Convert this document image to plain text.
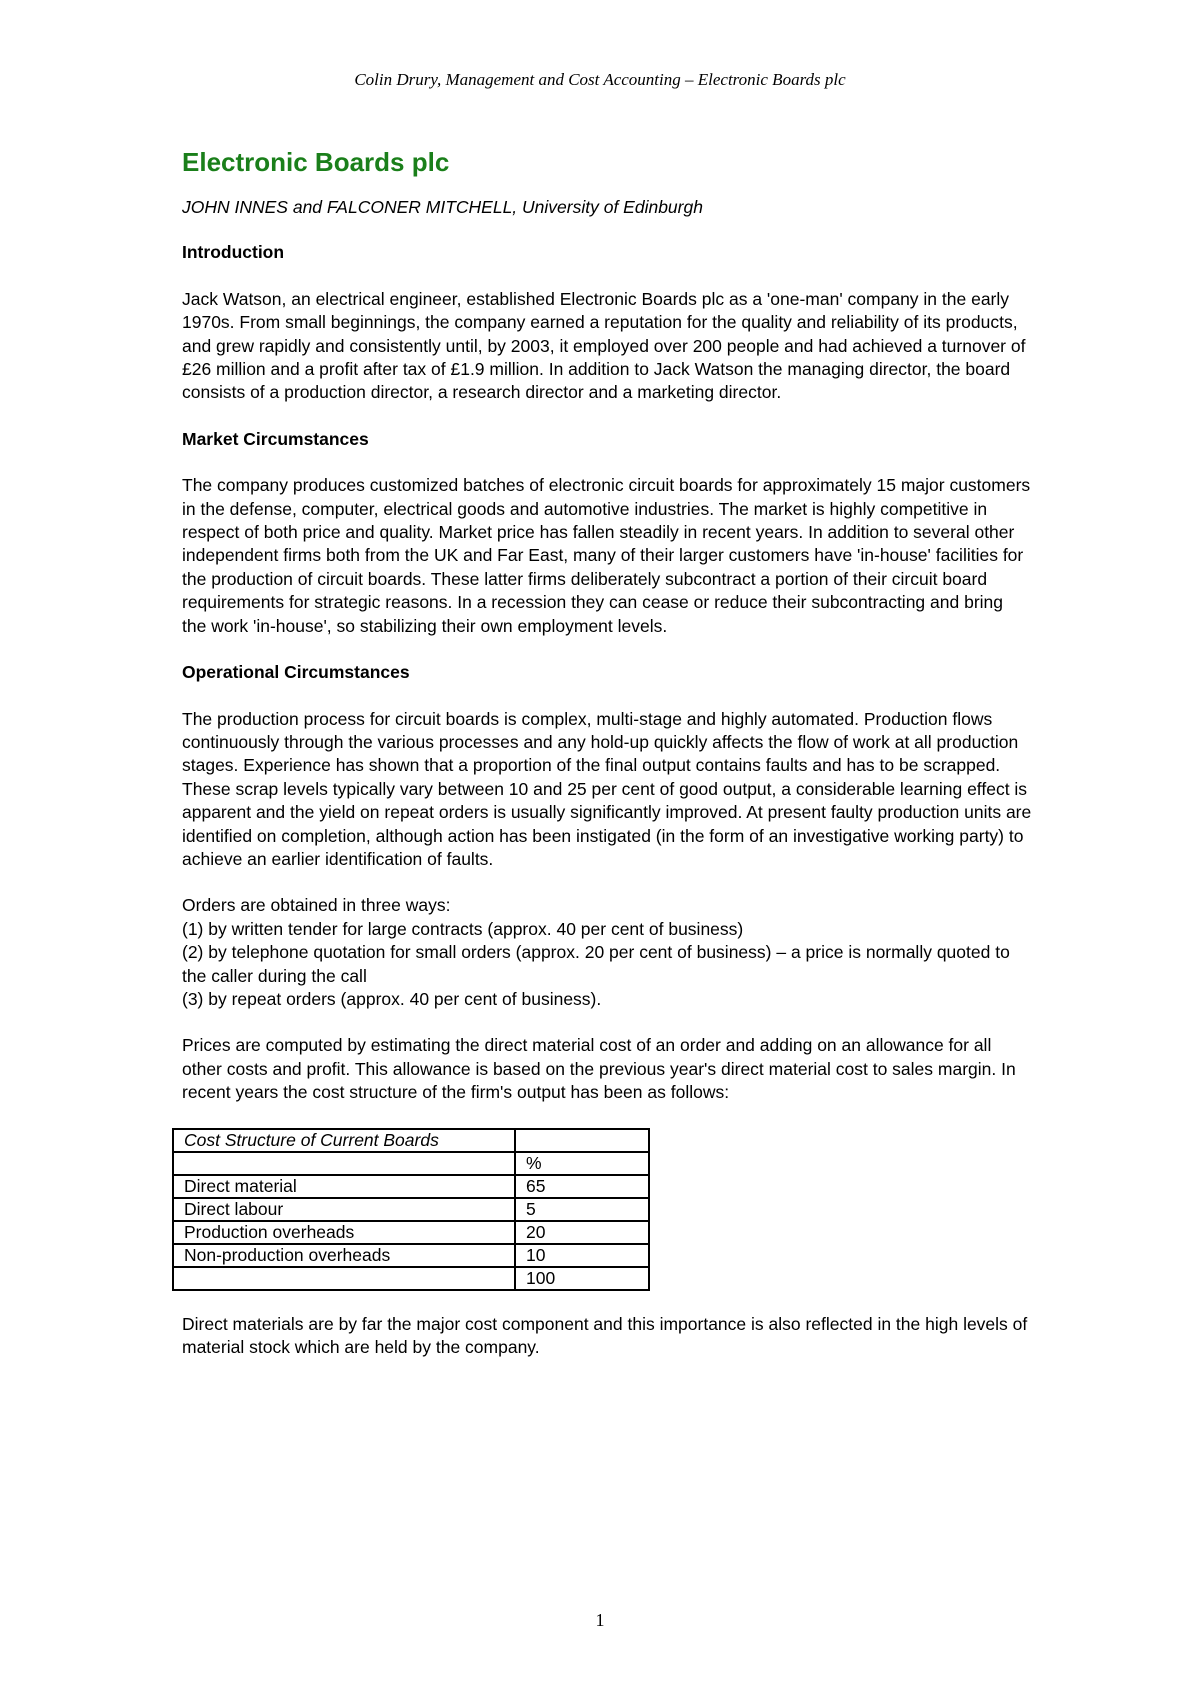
Colin Drury, Management and Cost Accounting – Electronic Boards plc
Electronic Boards plc
JOHN INNES and FALCONER MITCHELL, University of Edinburgh
Introduction

Jack Watson, an electrical engineer, established Electronic Boards plc as a 'one-man' company in the early 1970s. From small beginnings, the company earned a reputation for the quality and reliability of its products, and grew rapidly and consistently until, by 2003, it employed over 200 people and had achieved a turnover of £26 million and a profit after tax of £1.9 million. In addition to Jack Watson the managing director, the board consists of a production director, a research director and a marketing director.

Market Circumstances

The company produces customized batches of electronic circuit boards for approximately 15 major customers in the defense, computer, electrical goods and automotive industries. The market is highly competitive in respect of both price and quality. Market price has fallen steadily in recent years. In addition to several other independent firms both from the UK and Far East, many of their larger customers have 'in-house' facilities for the production of circuit boards. These latter firms deliberately subcontract a portion of their circuit board requirements for strategic reasons. In a recession they can cease or reduce their subcontracting and bring the work 'in-house', so stabilizing their own employment levels.

Operational Circumstances

The production process for circuit boards is complex, multi-stage and highly automated. Production flows continuously through the various processes and any hold-up quickly affects the flow of work at all production stages. Experience has shown that a proportion of the final output contains faults and has to be scrapped. These scrap levels typically vary between 10 and 25 per cent of good output, a considerable learning effect is apparent and the yield on repeat orders is usually significantly improved. At present faulty production units are identified on completion, although action has been instigated (in the form of an investigative working party) to achieve an earlier identification of faults.

Orders are obtained in three ways:
(1) by written tender for large contracts (approx. 40 per cent of business)
(2) by telephone quotation for small orders (approx. 20 per cent of business) – a price is normally quoted to the caller during the call
(3) by repeat orders (approx. 40 per cent of business).

Prices are computed by estimating the direct material cost of an order and adding on an allowance for all other costs and profit. This allowance is based on the previous year's direct material cost to sales margin. In recent years the cost structure of the firm's output has been as follows:

Cost Structure of Current Boards	
	%
Direct material	65
Direct labour	5
Production overheads	20
Non-production overheads	10
	100

Direct materials are by far the major cost component and this importance is also reflected in the high levels of material stock which are held by the company.

1
